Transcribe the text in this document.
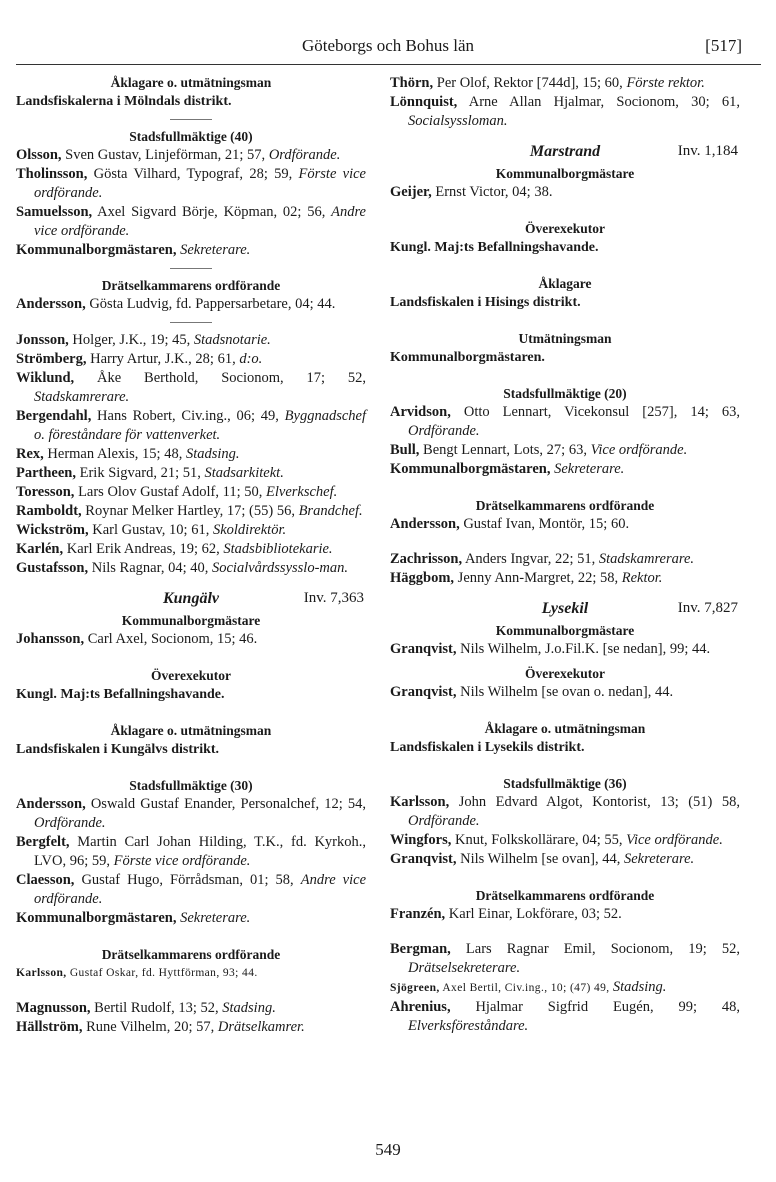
Göteborgs och Bohus län	[517]
Åklagare o. utmätningsman
Landsfiskalerna i Mölndals distrikt.
Stadsfullmäktige (40)
Olsson, Sven Gustav, Linjeförman, 21; 57, Ordförande.
Tholinsson, Gösta Vilhard, Typograf, 28; 59, Förste vice ordförande.
Samuelsson, Axel Sigvard Börje, Köpman, 02; 56, Andre vice ordförande.
Kommunalborgmästaren, Sekreterare.
Drätselkammarens ordförande
Andersson, Gösta Ludvig, fd. Pappersarbetare, 04; 44.
Jonsson, Holger, J.K., 19; 45, Stadsnotarie.
Strömberg, Harry Artur, J.K., 28; 61, d:o.
Wiklund, Åke Berthold, Socionom, 17; 52, Stadskamrerare.
Bergendahl, Hans Robert, Civ.ing., 06; 49, Byggnadschef o. föreståndare för vattenverket.
Rex, Herman Alexis, 15; 48, Stadsing.
Partheen, Erik Sigvard, 21; 51, Stadsarkitekt.
Toresson, Lars Olov Gustaf Adolf, 11; 50, Elverkschef.
Ramboldt, Roynar Melker Hartley, 17; (55) 56, Brandchef.
Wickström, Karl Gustav, 10; 61, Skoldirektör.
Karlén, Karl Erik Andreas, 19; 62, Stadsbibliotekarie.
Gustafsson, Nils Ragnar, 04; 40, Socialvårdssysslo-man.
Kungälv	Inv. 7,363
Kommunalborgmästare
Johansson, Carl Axel, Socionom, 15; 46.
Överexekutor
Kungl. Maj:ts Befallningshavande.
Åklagare o. utmätningsman
Landsfiskalen i Kungälvs distrikt.
Stadsfullmäktige (30)
Andersson, Oswald Gustaf Enander, Personalchef, 12; 54, Ordförande.
Bergfelt, Martin Carl Johan Hilding, T.K., fd. Kyrkoh., LVO, 96; 59, Förste vice ordförande.
Claesson, Gustaf Hugo, Förrådsman, 01; 58, Andre vice ordförande.
Kommunalborgmästaren, Sekreterare.
Drätselkammarens ordförande
Karlsson, Gustaf Oskar, fd. Hyttförman, 93; 44.
Magnusson, Bertil Rudolf, 13; 52, Stadsing.
Hällström, Rune Vilhelm, 20; 57, Drätselkamrer.
Thörn, Per Olof, Rektor [744d], 15; 60, Förste rektor.
Lönnquist, Arne Allan Hjalmar, Socionom, 30; 61, Socialsyssloman.
Marstrand	Inv. 1,184
Kommunalborgmästare
Geijer, Ernst Victor, 04; 38.
Överexekutor
Kungl. Maj:ts Befallningshavande.
Åklagare
Landsfiskalen i Hisings distrikt.
Utmätningsman
Kommunalborgmästaren.
Stadsfullmäktige (20)
Arvidson, Otto Lennart, Vicekonsul [257], 14; 63, Ordförande.
Bull, Bengt Lennart, Lots, 27; 63, Vice ordförande.
Kommunalborgmästaren, Sekreterare.
Drätselkammarens ordförande
Andersson, Gustaf Ivan, Montör, 15; 60.
Zachrisson, Anders Ingvar, 22; 51, Stadskamrerare.
Häggbom, Jenny Ann-Margret, 22; 58, Rektor.
Lysekil	Inv. 7,827
Kommunalborgmästare
Granqvist, Nils Wilhelm, J.o.Fil.K. [se nedan], 99; 44.
Överexekutor
Granqvist, Nils Wilhelm [se ovan o. nedan], 44.
Åklagare o. utmätningsman
Landsfiskalen i Lysekils distrikt.
Stadsfullmäktige (36)
Karlsson, John Edvard Algot, Kontorist, 13; (51) 58, Ordförande.
Wingfors, Knut, Folkskollärare, 04; 55, Vice ordförande.
Granqvist, Nils Wilhelm [se ovan], 44, Sekreterare.
Drätselkammarens ordförande
Franzén, Karl Einar, Lokförare, 03; 52.
Bergman, Lars Ragnar Emil, Socionom, 19; 52, Drätselsekreterare.
Sjögreen, Axel Bertil, Civ.ing., 10; (47) 49, Stadsing.
Ahrenius, Hjalmar Sigfrid Eugén, 99; 48, Elverksföreståndare.
549
